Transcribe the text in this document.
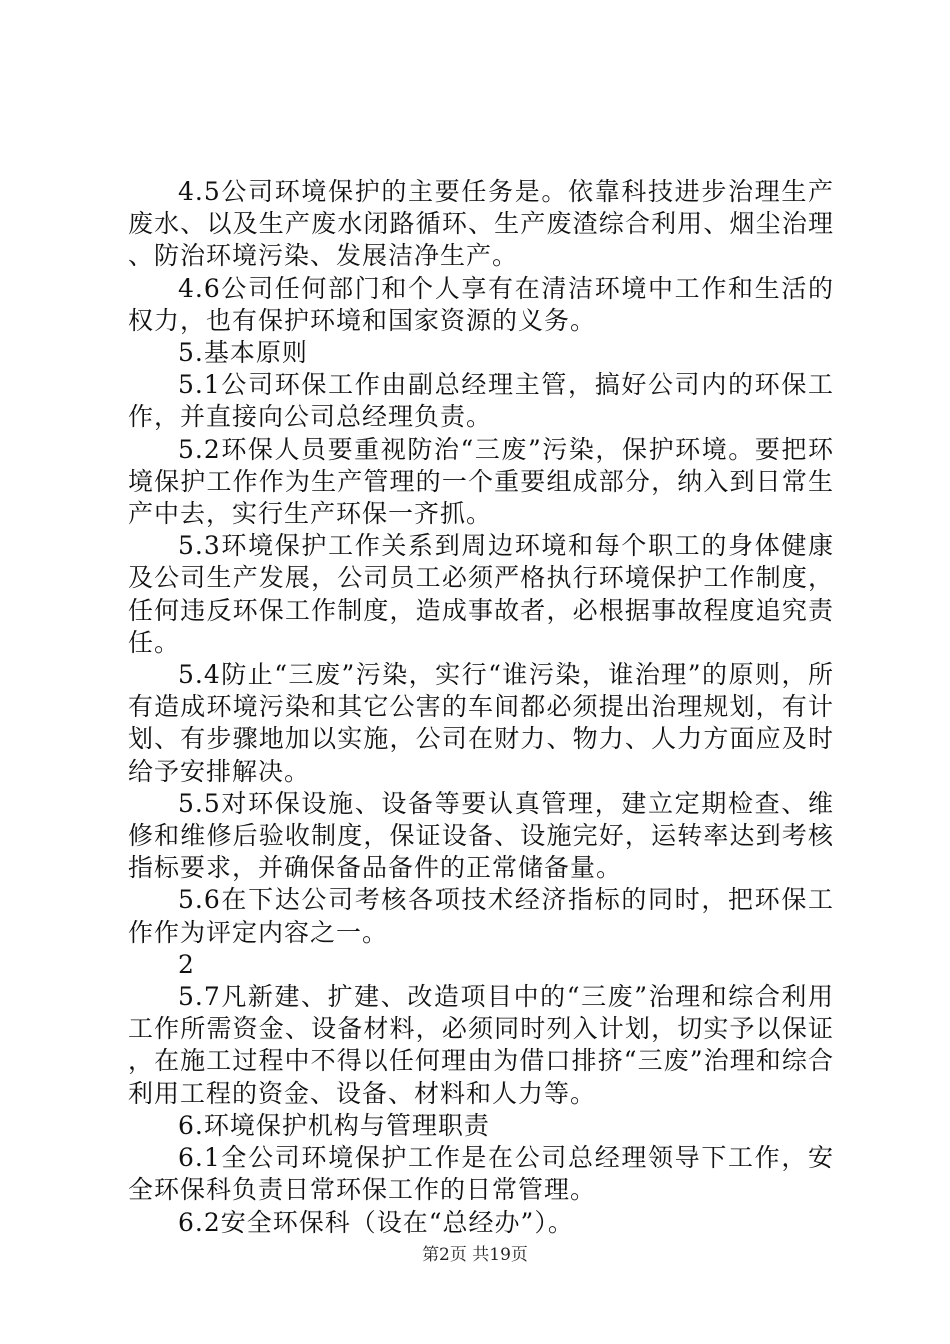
4.5公司环境保护的主要任务是。依靠科技进步治理生产废水、以及生产废水闭路循环、生产废渣综合利用、烟尘治理、防治环境污染、发展洁净生产。

4.6公司任何部门和个人享有在清洁环境中工作和生活的权力，也有保护环境和国家资源的义务。

5.基本原则

5.1公司环保工作由副总经理主管，搞好公司内的环保工作，并直接向公司总经理负责。

5.2环保人员要重视防治“三废”污染，保护环境。要把环境保护工作作为生产管理的一个重要组成部分，纳入到日常生产中去，实行生产环保一齐抓。

5.3环境保护工作关系到周边环境和每个职工的身体健康及公司生产发展，公司员工必须严格执行环境保护工作制度，任何违反环保工作制度，造成事故者，必根据事故程度追究责任。

5.4防止“三废”污染，实行“谁污染，谁治理”的原则，所有造成环境污染和其它公害的车间都必须提出治理规划，有计划、有步骤地加以实施，公司在财力、物力、人力方面应及时给予安排解决。

5.5对环保设施、设备等要认真管理，建立定期检查、维修和维修后验收制度，保证设备、设施完好，运转率达到考核指标要求，并确保备品备件的正常储备量。

5.6在下达公司考核各项技术经济指标的同时，把环保工作作为评定内容之一。

2

5.7凡新建、扩建、改造项目中的“三废”治理和综合利用工作所需资金、设备材料，必须同时列入计划，切实予以保证，在施工过程中不得以任何理由为借口排挤“三废”治理和综合利用工程的资金、设备、材料和人力等。

6.环境保护机构与管理职责

6.1全公司环境保护工作是在公司总经理领导下工作，安全环保科负责日常环保工作的日常管理。

6.2安全环保科（设在“总经办”）。

第2页 共19页
